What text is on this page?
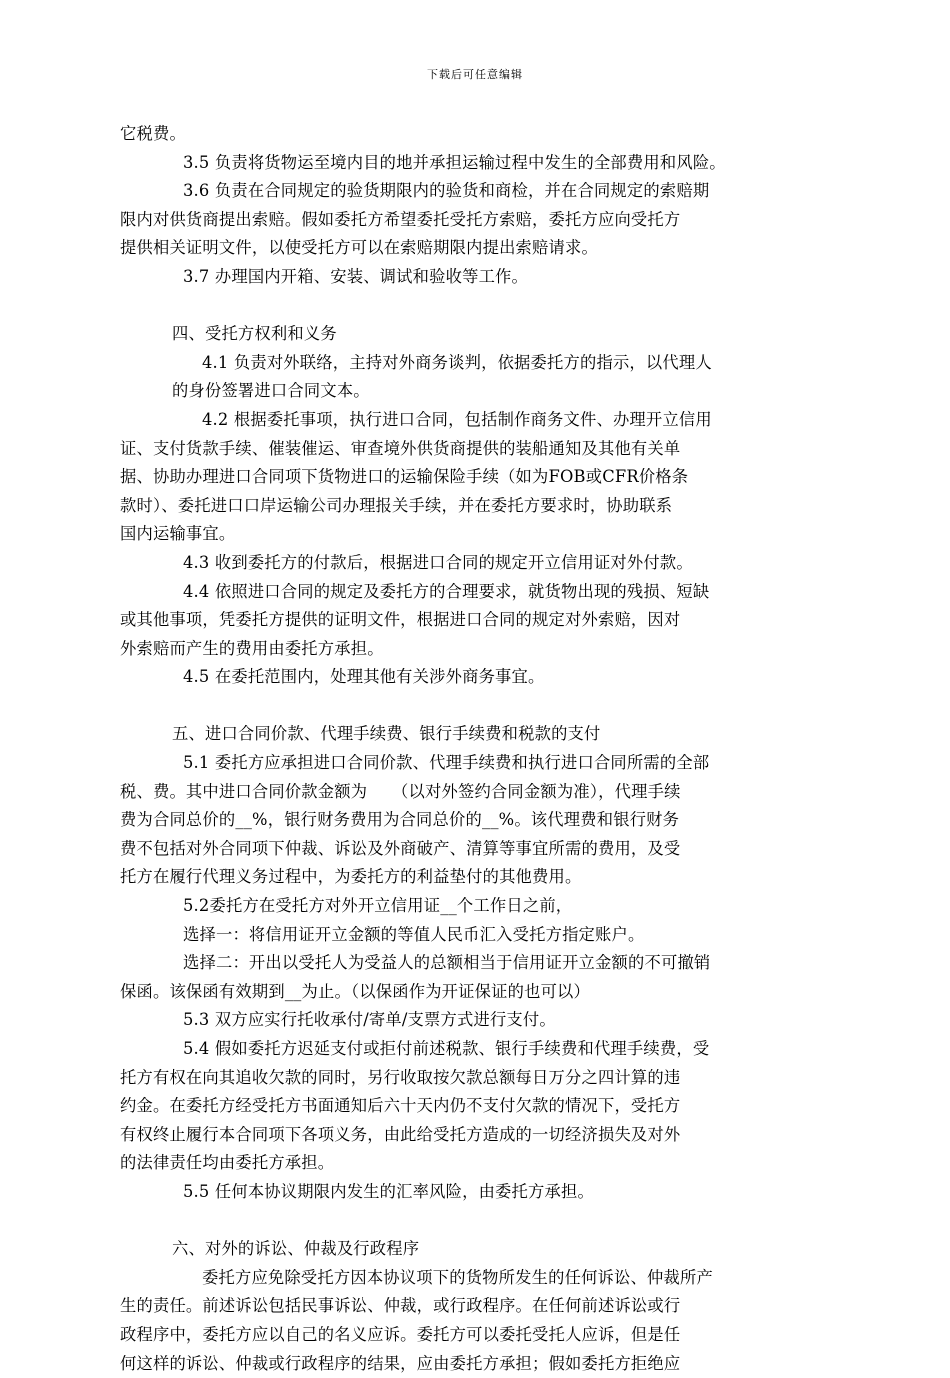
下载后可任意编辑
它税费。
3.5 负责将货物运至境内目的地并承担运输过程中发生的全部费用和风险。
3.6 负责在合同规定的验货期限内的验货和商检，并在合同规定的索赔期
限内对供货商提出索赔。假如委托方希望委托受托方索赔，委托方应向受托方
提供相关证明文件，以使受托方可以在索赔期限内提出索赔请求。
3.7 办理国内开箱、安装、调试和验收等工作。
四、受托方权利和义务
4.1 负责对外联络，主持对外商务谈判，依据委托方的指示，以代理人
的身份签署进口合同文本。
4.2 根据委托事项，执行进口合同，包括制作商务文件、办理开立信用
证、支付货款手续、催装催运、审查境外供货商提供的装船通知及其他有关单
据、协助办理进口合同项下货物进口的运输保险手续（如为FOB或CFR价格条
款时）、委托进口口岸运输公司办理报关手续，并在委托方要求时，协助联系
国内运输事宜。
4.3 收到委托方的付款后，根据进口合同的规定开立信用证对外付款。
4.4 依照进口合同的规定及委托方的合理要求，就货物出现的残损、短缺
或其他事项，凭委托方提供的证明文件，根据进口合同的规定对外索赔，因对
外索赔而产生的费用由委托方承担。
4.5 在委托范围内，处理其他有关涉外商务事宜。
五、进口合同价款、代理手续费、银行手续费和税款的支付
5.1 委托方应承担进口合同价款、代理手续费和执行进口合同所需的全部
税、费。其中进口合同价款金额为　　（以对外签约合同金额为准），代理手续
费为合同总价的__%，银行财务费用为合同总价的__%。该代理费和银行财务
费不包括对外合同项下仲裁、诉讼及外商破产、清算等事宜所需的费用，及受
托方在履行代理义务过程中，为委托方的利益垫付的其他费用。
5.2委托方在受托方对外开立信用证__个工作日之前，
选择一：将信用证开立金额的等值人民币汇入受托方指定账户。
选择二：开出以受托人为受益人的总额相当于信用证开立金额的不可撤销
保函。该保函有效期到__为止。（以保函作为开证保证的也可以）
5.3 双方应实行托收承付/寄单/支票方式进行支付。
5.4 假如委托方迟延支付或拒付前述税款、银行手续费和代理手续费，受
托方有权在向其追收欠款的同时，另行收取按欠款总额每日万分之四计算的违
约金。在委托方经受托方书面通知后六十天内仍不支付欠款的情况下，受托方
有权终止履行本合同项下各项义务，由此给受托方造成的一切经济损失及对外
的法律责任均由委托方承担。
5.5 任何本协议期限内发生的汇率风险，由委托方承担。
六、对外的诉讼、仲裁及行政程序
委托方应免除受托方因本协议项下的货物所发生的任何诉讼、仲裁所产
生的责任。前述诉讼包括民事诉讼、仲裁，或行政程序。在任何前述诉讼或行
政程序中，委托方应以自己的名义应诉。委托方可以委托受托人应诉，但是任
何这样的诉讼、仲裁或行政程序的结果，应由委托方承担；假如委托方拒绝应
